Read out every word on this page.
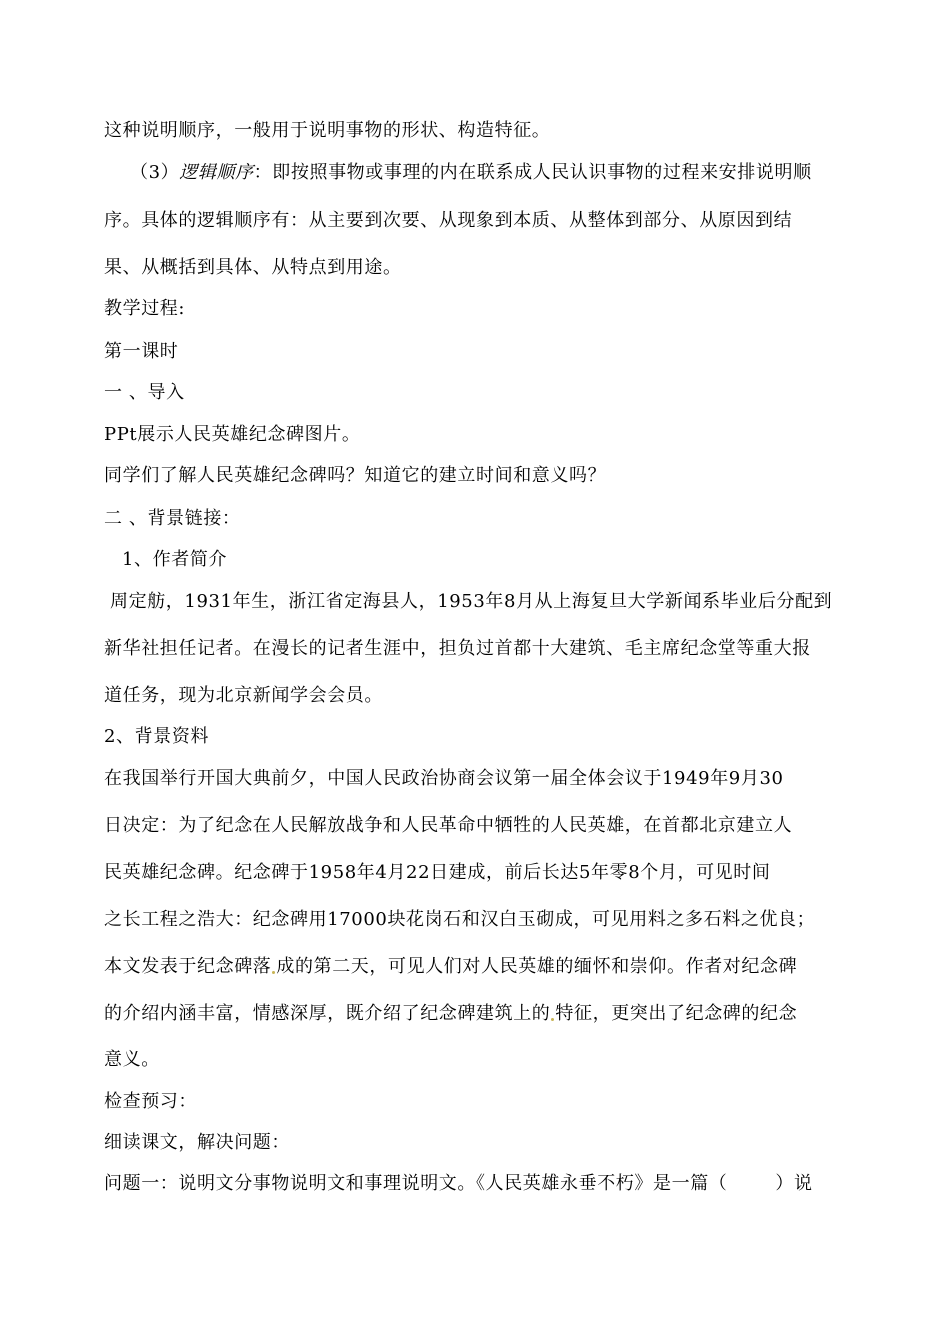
这种说明顺序，一般用于说明事物的形状、构造特征。
（3）逻辑顺序：即按照事物或事理的内在联系成人民认识事物的过程来安排说明顺
序。具体的逻辑顺序有：从主要到次要、从现象到本质、从整体到部分、从原因到结
果、从概括到具体、从特点到用途。
教学过程:
第一课时
一 、导入
PPt展示人民英雄纪念碑图片。
同学们了解人民英雄纪念碑吗？知道它的建立时间和意义吗？
二 、背景链接：
1、作者简介
周定舫，1931年生，浙江省定海县人，1953年8月从上海复旦大学新闻系毕业后分配到
新华社担任记者。在漫长的记者生涯中，担负过首都十大建筑、毛主席纪念堂等重大报
道任务，现为北京新闻学会会员。
2、背景资料
在我国举行开国大典前夕，中国人民政治协商会议第一届全体会议于1949年9月30
日决定：为了纪念在人民解放战争和人民革命中牺牲的人民英雄，在首都北京建立人
民英雄纪念碑。纪念碑于1958年4月22日建成，前后长达5年零8个月，可见时间
之长工程之浩大：纪念碑用17000块花岗石和汉白玉砌成，可见用料之多石料之优良；
本文发表于纪念碑落 成的第二天，可见人们对人民英雄的缅怀和崇仰。作者对纪念碑
的介绍内涵丰富，情感深厚，既介绍了纪念碑建筑上的 特征，更突出了纪念碑的纪念
意义。
检查预习：
细读课文，解决问题：
问题一：说明文分事物说明文和事理说明文。《人民英雄永垂不朽》是一篇（	）说
